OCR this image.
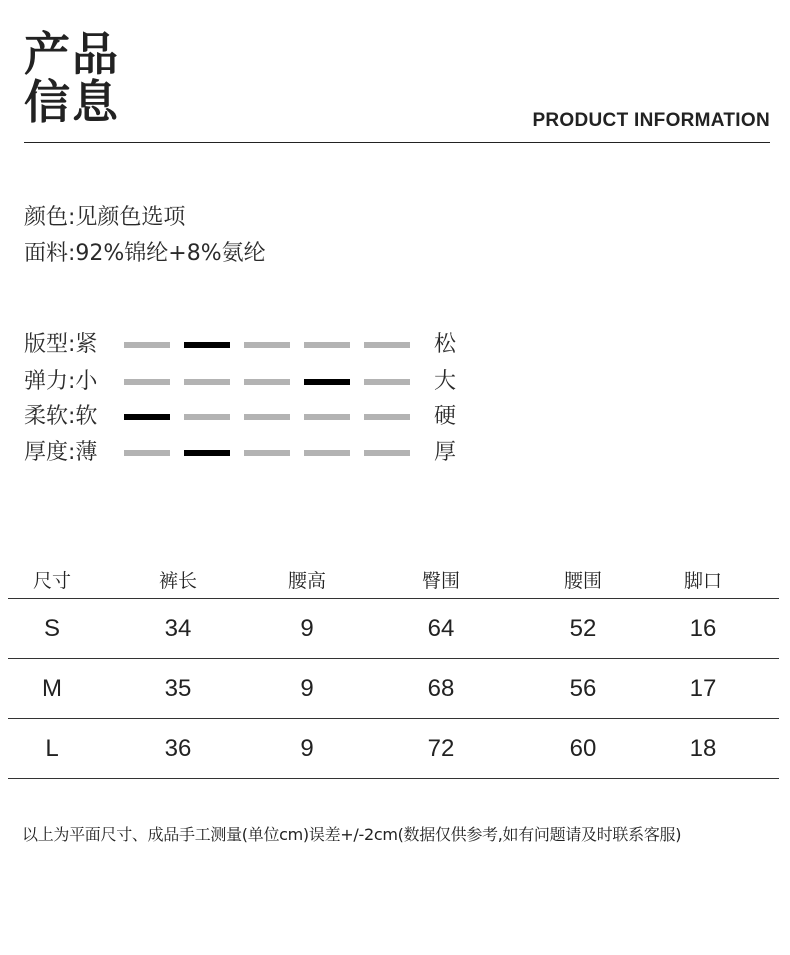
产品
信息	PRODUCT INFORMATION
颜色:见颜色选项
面料:92%锦纶+8%氨纶
版型:紧	松
弹力:小	大
柔软:软	硬
厚度:薄	厚
尺寸	裤长	腰高	臀围	腰围	脚口
S	34	9	64	52	16
M	35	9	68	56	17
L	36	9	72	60	18
以上为平面尺寸、成品手工测量(单位cm)误差+/-2cm(数据仅供参考,如有问题请及时联系客服)
